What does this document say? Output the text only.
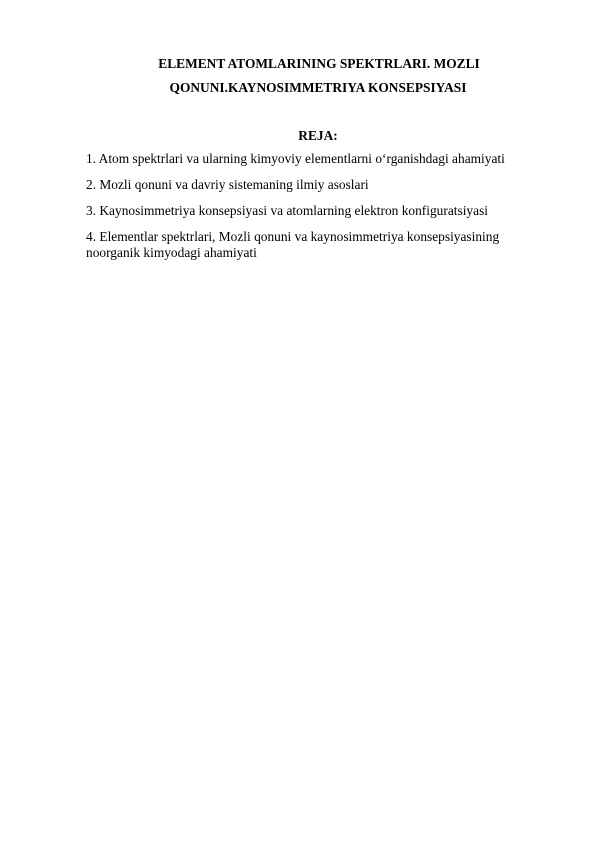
ELEMENT ATOMLARINING SPEKTRLARI. MOZLI
QONUNI.KAYNOSIMMETRIYA KONSEPSIYASI
REJA:
1. Atom spektrlari va ularning kimyoviy elementlarni o‘rganishdagi ahamiyati
2. Mozli qonuni va davriy sistemaning ilmiy asoslari
3. Kaynosimmetriya konsepsiyasi va atomlarning elektron konfiguratsiyasi
4. Elementlar spektrlari, Mozli qonuni va kaynosimmetriya konsepsiyasining noorganik kimyodagi ahamiyati
